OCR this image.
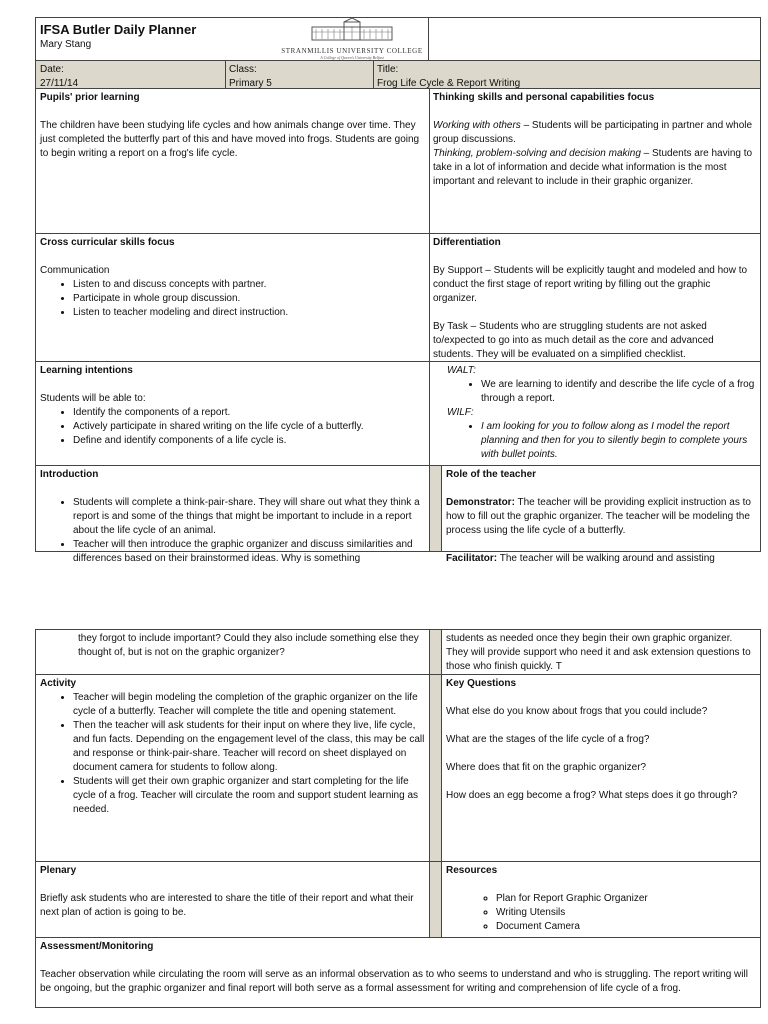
IFSA Butler Daily Planner
Mary Stang
STRANMILLIS UNIVERSITY COLLEGE
A College of Queen's University Belfast
Date:
27/11/14
Class:
Primary 5
Title:
Frog Life Cycle & Report Writing
Pupils' prior learning

The children have been studying life cycles and how animals change over time. They just completed the butterfly part of this and have moved into frogs. Students are going to begin writing a report on a frog's life cycle.

Thinking skills and personal capabilities focus

Working with others – Students will be participating in partner and whole group discussions.

Thinking, problem-solving and decision making – Students are having to take in a lot of information and decide what information is the most important and relevant to include in their graphic organizer.

Cross curricular skills focus
Communication
• Listen to and discuss concepts with partner.
• Participate in whole group discussion.
• Listen to teacher modeling and direct instruction.
Differentiation

By Support – Students will be explicitly taught and modeled and how to conduct the first stage of report writing by filling out the graphic organizer.

By Task – Students who are struggling students are not asked to/expected to go into as much detail as the core and advanced students. They will be evaluated on a simplified checklist.

Learning intentions
Students will be able to:
• Identify the components of a report.
• Actively participate in shared writing on the life cycle of a butterfly.
• Define and identify components of a life cycle is.
WALT:
• We are learning to identify and describe the life cycle of a frog through a report.
WILF:
• I am looking for you to follow along as I model the report planning and then for you to silently begin to complete yours with bullet points.
Introduction
• Students will complete a think-pair-share. They will share out what they think a report is and some of the things that might be important to include in a report about the life cycle of an animal.
• Teacher will then introduce the graphic organizer and discuss similarities and differences based on their brainstormed ideas. Why is something
Role of the teacher

Demonstrator: The teacher will be providing explicit instruction as to how to fill out the graphic organizer. The teacher will be modeling the process using the life cycle of a butterfly.

Facilitator: The teacher will be walking around and assisting

they forgot to include important? Could they also include something else they thought of, but is not on the graphic organizer?

students as needed once they begin their own graphic organizer. They will provide support who need it and ask extension questions to those who finish quickly. T

Activity
• Teacher will begin modeling the completion of the graphic organizer on the life cycle of a butterfly. Teacher will complete the title and opening statement.
• Then the teacher will ask students for their input on where they live, life cycle, and fun facts. Depending on the engagement level of the class, this may be call and response or think-pair-share. Teacher will record on sheet displayed on document camera for students to follow along.
• Students will get their own graphic organizer and start completing for the life cycle of a frog. Teacher will circulate the room and support student learning as needed.
Key Questions

What else do you know about frogs that you could include?

What are the stages of the life cycle of a frog?

Where does that fit on the graphic organizer?

How does an egg become a frog? What steps does it go through?

Plenary

Briefly ask students who are interested to share the title of their report and what their next plan of action is going to be.

Resources
◦ Plan for Report Graphic Organizer
◦ Writing Utensils
◦ Document Camera
Assessment/Monitoring

Teacher observation while circulating the room will serve as an informal observation as to who seems to understand and who is struggling. The report writing will be ongoing, but the graphic organizer and final report will both serve as a formal assessment for writing and comprehension of life cycle of a frog.
